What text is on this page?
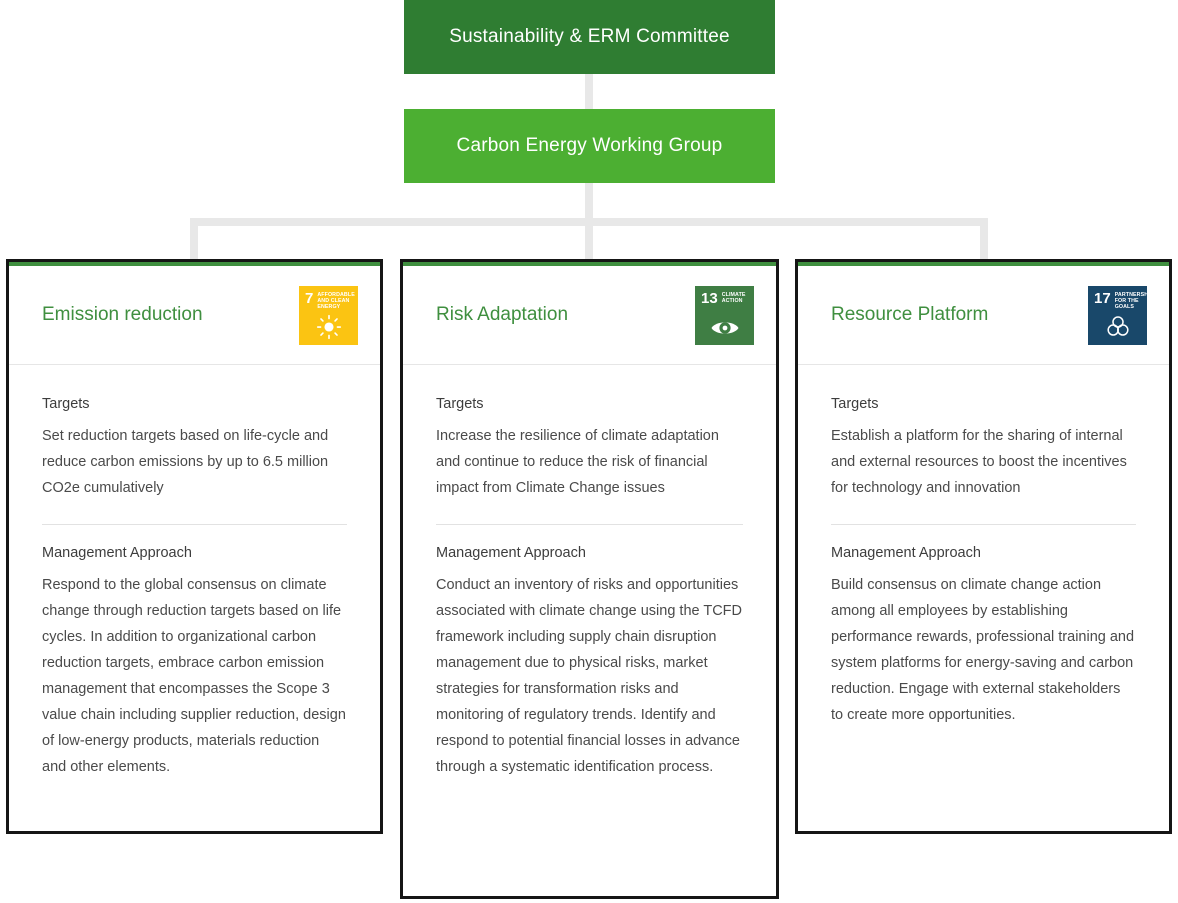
Sustainability & ERM Committee
Carbon Energy Working Group
Emission reduction
7 AFFORDABLE AND CLEAN ENERGY

Targets

Set reduction targets based on life-cycle and reduce carbon emissions by up to 6.5 million CO2e cumulatively

Management Approach

Respond to the global consensus on climate change through reduction targets based on life cycles. In addition to organizational carbon reduction targets, embrace carbon emission management that encompasses the Scope 3 value chain including supplier reduction, design of low-energy products, materials reduction and other elements.

Risk Adaptation
13 CLIMATE ACTION

Targets

Increase the resilience of climate adaptation and continue to reduce the risk of financial impact from Climate Change issues

Management Approach

Conduct an inventory of risks and opportunities associated with climate change using the TCFD framework including supply chain disruption management due to physical risks, market strategies for transformation risks and monitoring of regulatory trends. Identify and respond to potential financial losses in advance through a systematic identification process.

Resource Platform
17 PARTNERSHIPS FOR THE GOALS

Targets

Establish a platform for the sharing of internal and external resources to boost the incentives for technology and innovation

Management Approach

Build consensus on climate change action among all employees by establishing performance rewards, professional training and system platforms for energy-saving and carbon reduction. Engage with external stakeholders to create more opportunities.
